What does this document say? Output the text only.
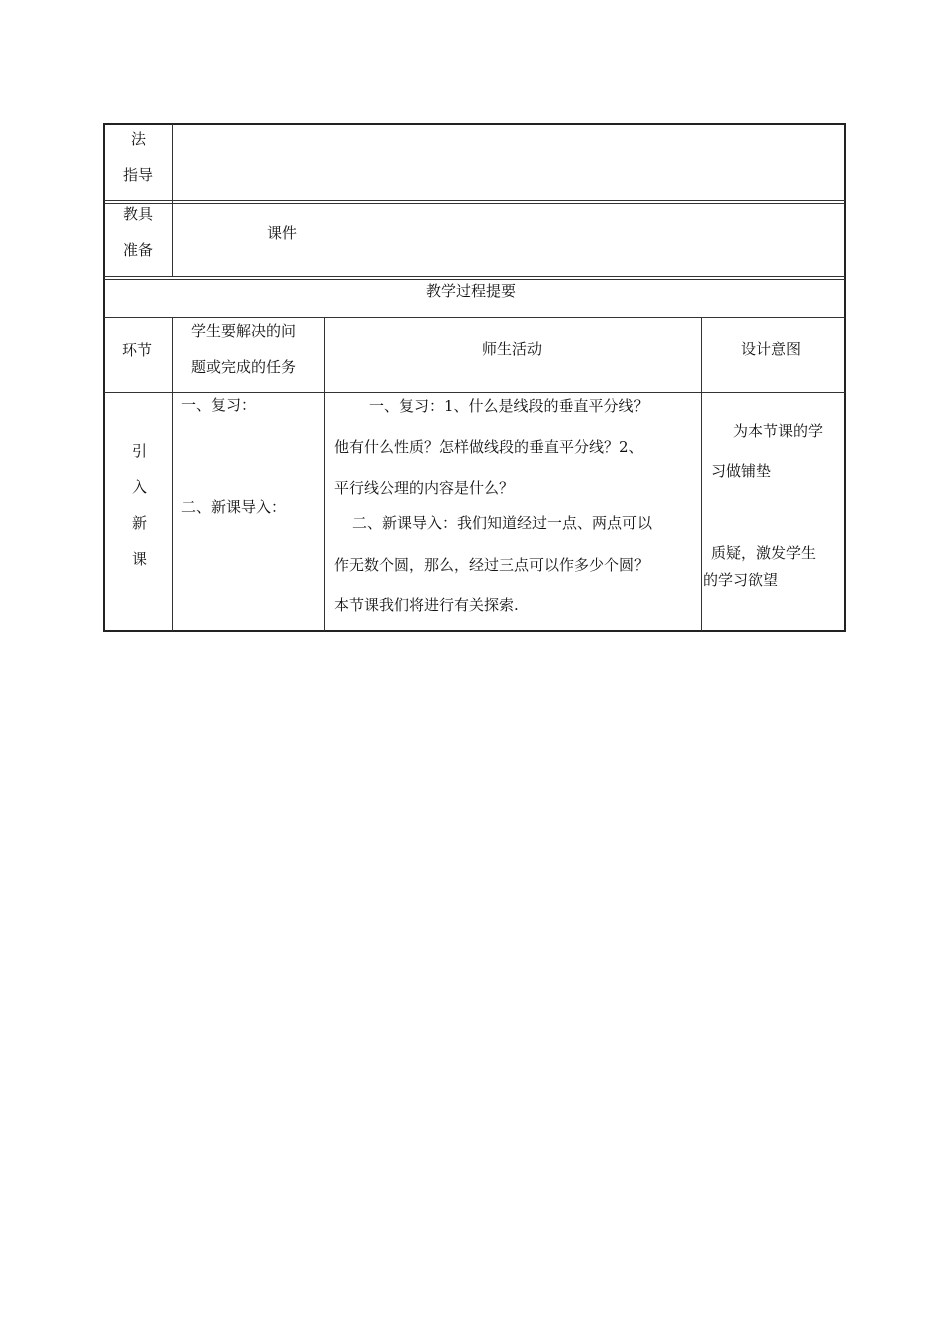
法
指导
教具
准备
课件
教学过程提要
环节
学生要解决的问
题或完成的任务
师生活动	设计意图
引
入
新
课
一、复习：
二、新课导入：
一、复习：1、什么是线段的垂直平分线？
他有什么性质？怎样做线段的垂直平分线？2、
平行线公理的内容是什么？
二、新课导入：我们知道经过一点、两点可以
作无数个圆，那么，经过三点可以作多少个圆？
本节课我们将进行有关探索.
为本节课的学
习做铺垫
质疑，激发学生
的学习欲望
